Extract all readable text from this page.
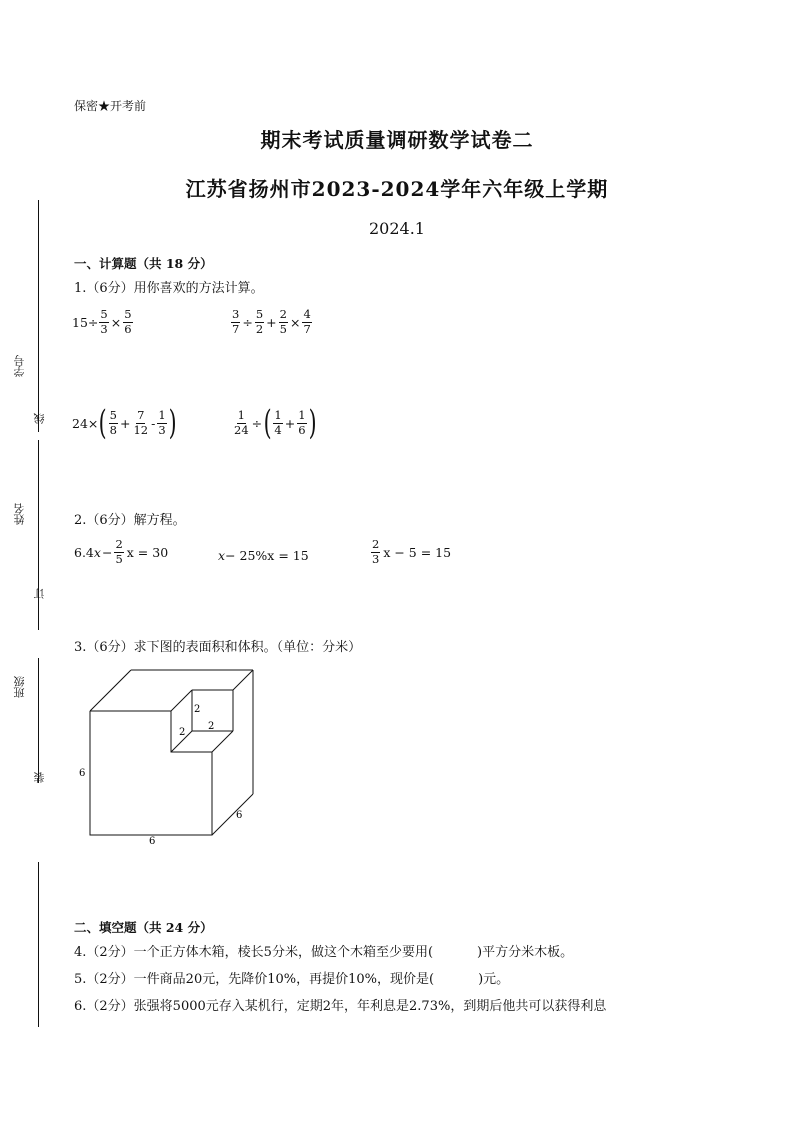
学号
线
姓名
订
班级
装
保密★开考前
期末考试质量调研数学试卷二
江苏省扬州市2023-2024学年六年级上学期
2024.1
一、计算题（共 18 分）
1.（6分）用你喜欢的方法计算。
$15\div \frac{5}{3} \times \frac{5}{6}$	$\frac{3}{7} \div \frac{5}{2} + \frac{2}{5} \times \frac{4}{7}$
24× ( $\frac{5}{8} + \frac{7}{12} - \frac{1}{3}$ )	$\frac{1}{24}$ ÷ ( $\frac{1}{4} + \frac{1}{6}$ )
2.（6分）解方程。
6.4 $x - \frac{2}{5}$ x = 30	x − 25%x = 15	$\frac{2}{3}$ x − 5 = 15
3.（6分）求下图的表面积和体积。（单位：分米）
2
2
2
6
6
6
二、填空题（共 24 分）
4.（2分）一个正方体木箱，棱长5分米，做这个木箱至少要用(	)平方分米木板。
5.（2分）一件商品20元，先降价10%，再提价10%，现价是(	)元。
6.（2分）张强将5000元存入某机行，定期2年，年利息是2.73%，到期后他共可以获得利息
